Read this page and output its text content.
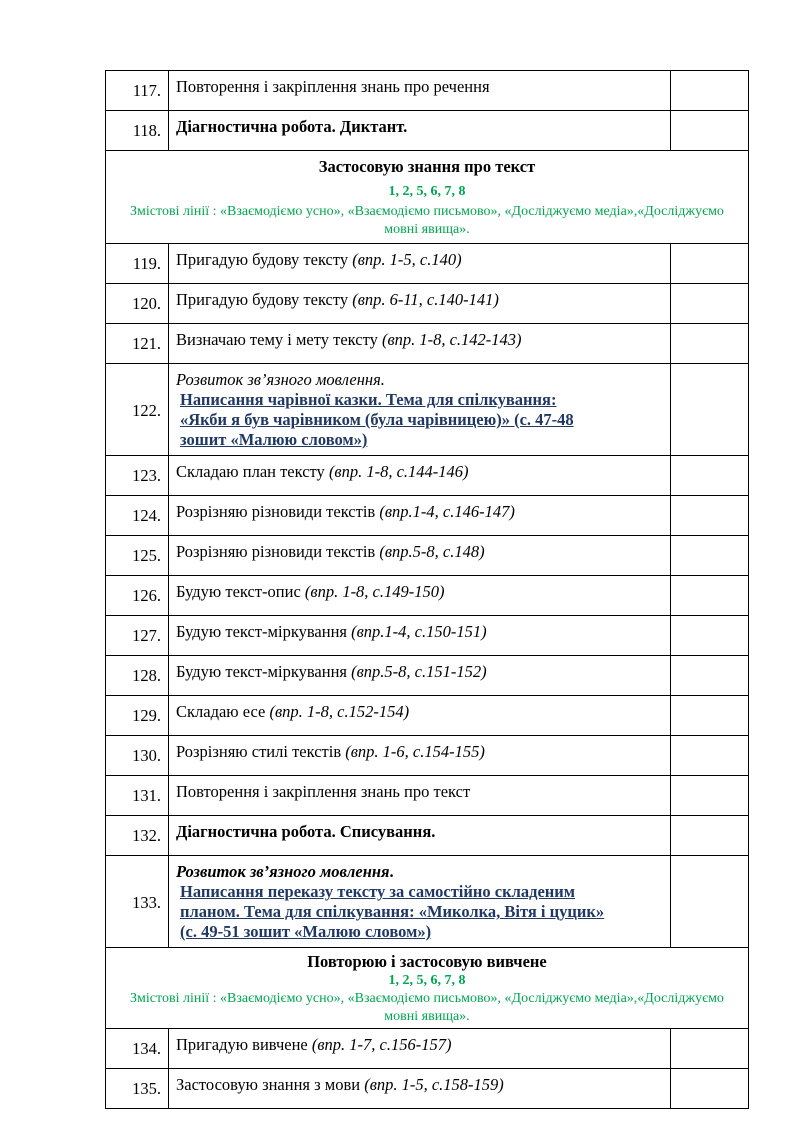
117.	Повторення і закріплення знань про речення	
118.	Діагностична робота. Диктант.	

Застосовую знання про текст
1, 2, 5, 6, 7, 8
Змістові лінії : «Взаємодіємо усно», «Взаємодіємо письмово», «Досліджуємо медіа»,«Досліджуємо мовні явища».		

119.	Пригадую будову тексту (впр. 1-5, с.140)	
120.	Пригадую будову тексту (впр. 6-11, с.140-141)	
121.	Визначаю тему і мету тексту (впр. 1-8, с.142-143)	
122.	Розвиток зв’язного мовлення.
Написання чарівної казки. Тема для спілкування:
«Якби я був чарівником (була чарівницею)» (с. 47-48
зошит «Малюю словом»)	

123.	Складаю план тексту (впр. 1-8, с.144-146)	
124.	Розрізняю різновиди текстів (впр.1-4, с.146-147)	
125.	Розрізняю різновиди текстів (впр.5-8, с.148)	
126.	Будую текст-опис (впр. 1-8, с.149-150)	
127.	Будую текст-міркування (впр.1-4, с.150-151)	
128.	Будую текст-міркування (впр.5-8, с.151-152)	
129.	Складаю есе (впр. 1-8, с.152-154)	
130.	Розрізняю стилі текстів (впр. 1-6, с.154-155)	
131.	Повторення і закріплення знань про текст	
132.	Діагностична робота. Списування.	
133.	Розвиток зв’язного мовлення.
Написання переказу тексту за самостійно складеним
планом. Тема для спілкування: «Миколка, Вітя і цуцик»
(с. 49-51 зошит «Малюю словом»)	

Повторюю і застосовую вивчене
1, 2, 5, 6, 7, 8
Змістові лінії : «Взаємодіємо усно», «Взаємодіємо письмово», «Досліджуємо медіа»,«Досліджуємо мовні явища».		

134.	Пригадую вивчене (впр. 1-7, с.156-157)	
135.	Застосовую знання з мови (впр. 1-5, с.158-159)	
